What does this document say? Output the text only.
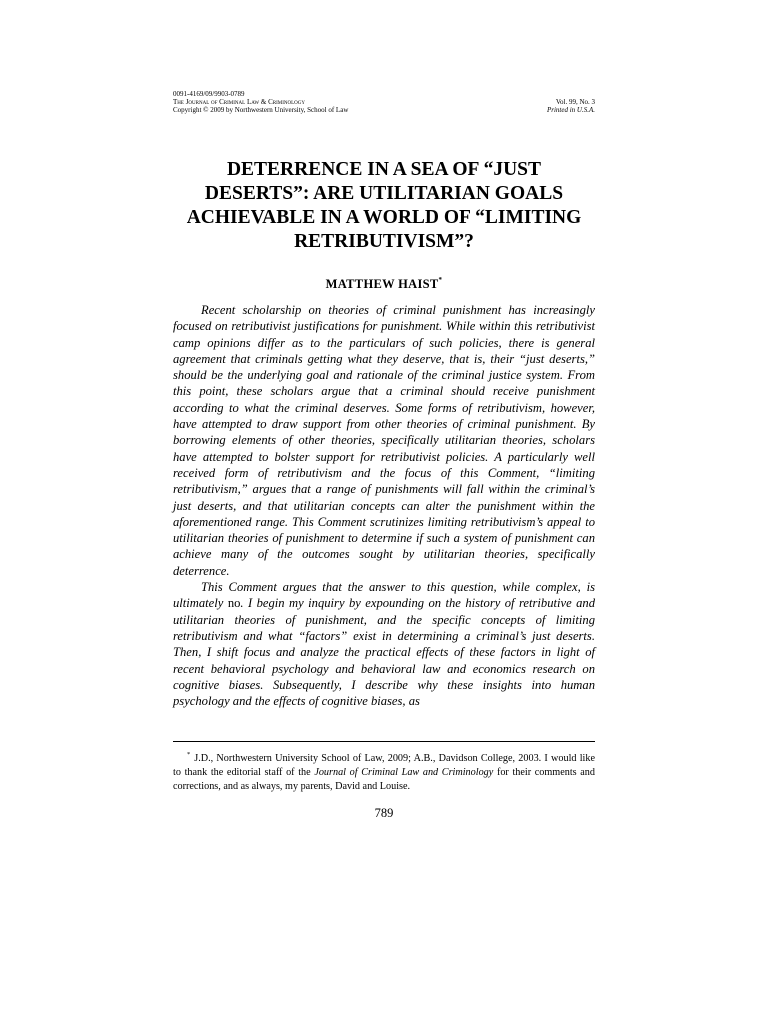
0091-4169/09/9903-0789
The Journal of Criminal Law & Criminology	Vol. 99, No. 3
Copyright © 2009 by Northwestern University, School of Law	Printed in U.S.A.
DETERRENCE IN A SEA OF “JUST
DESERTS”: ARE UTILITARIAN GOALS
ACHIEVABLE IN A WORLD OF “LIMITING
RETRIBUTIVISM”?
MATTHEW HAIST*

Recent scholarship on theories of criminal punishment has increasingly focused on retributivist justifications for punishment. While within this retributivist camp opinions differ as to the particulars of such policies, there is general agreement that criminals getting what they deserve, that is, their “just deserts,” should be the underlying goal and rationale of the criminal justice system. From this point, these scholars argue that a criminal should receive punishment according to what the criminal deserves. Some forms of retributivism, however, have attempted to draw support from other theories of criminal punishment. By borrowing elements of other theories, specifically utilitarian theories, scholars have attempted to bolster support for retributivist policies. A particularly well received form of retributivism and the focus of this Comment, “limiting retributivism,” argues that a range of punishments will fall within the criminal’s just deserts, and that utilitarian concepts can alter the punishment within the aforementioned range. This Comment scrutinizes limiting retributivism’s appeal to utilitarian theories of punishment to determine if such a system of punishment can achieve many of the outcomes sought by utilitarian theories, specifically deterrence.

This Comment argues that the answer to this question, while complex, is ultimately no. I begin my inquiry by expounding on the history of retributive and utilitarian theories of punishment, and the specific concepts of limiting retributivism and what “factors” exist in determining a criminal’s just deserts. Then, I shift focus and analyze the practical effects of these factors in light of recent behavioral psychology and behavioral law and economics research on cognitive biases. Subsequently, I describe why these insights into human psychology and the effects of cognitive biases, as

* J.D., Northwestern University School of Law, 2009; A.B., Davidson College, 2003. I would like to thank the editorial staff of the Journal of Criminal Law and Criminology for their comments and corrections, and as always, my parents, David and Louise.

789
